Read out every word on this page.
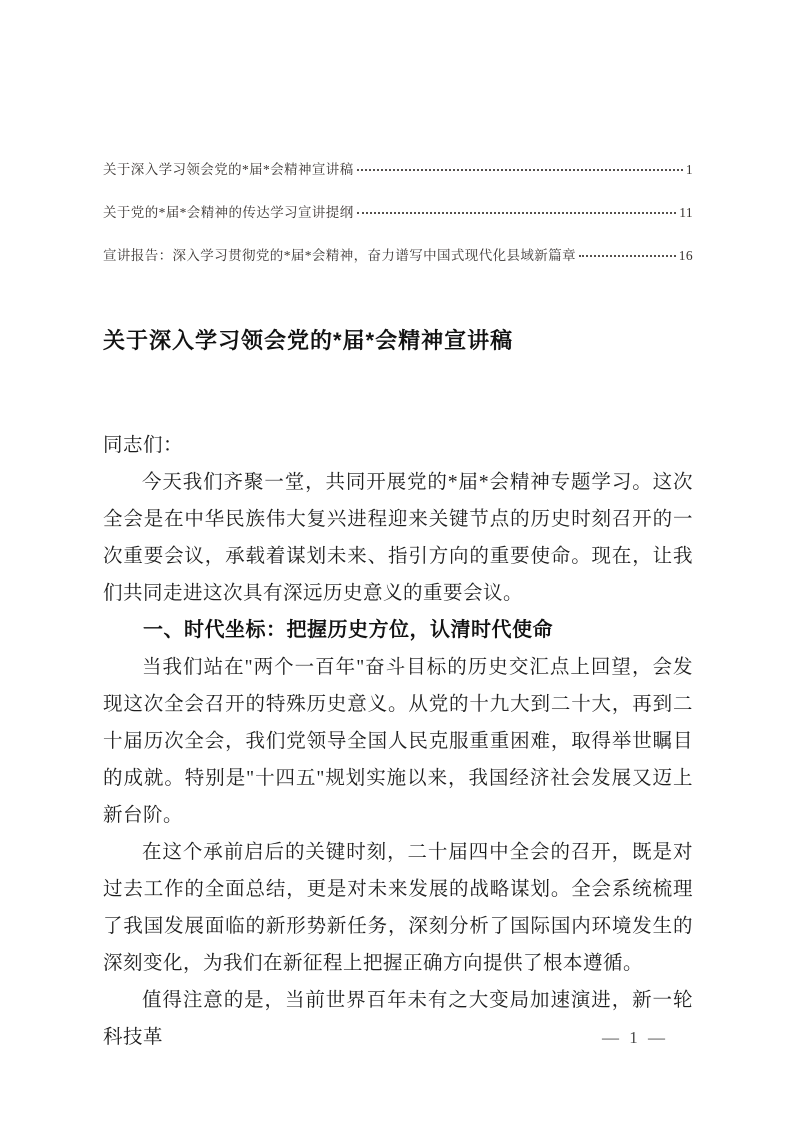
关于深入学习领会党的*届*会精神宣讲稿	1
关于党的*届*会精神的传达学习宣讲提纲	11
宣讲报告：深入学习贯彻党的*届*会精神，奋力谱写中国式现代化县域新篇章	16
关于深入学习领会党的*届*会精神宣讲稿

同志们：

今天我们齐聚一堂，共同开展党的*届*会精神专题学习。这次全会是在中华民族伟大复兴进程迎来关键节点的历史时刻召开的一次重要会议，承载着谋划未来、指引方向的重要使命。现在，让我们共同走进这次具有深远历史意义的重要会议。

一、时代坐标：把握历史方位，认清时代使命

当我们站在"两个一百年"奋斗目标的历史交汇点上回望，会发现这次全会召开的特殊历史意义。从党的十九大到二十大，再到二十届历次全会，我们党领导全国人民克服重重困难，取得举世瞩目的成就。特别是"十四五"规划实施以来，我国经济社会发展又迈上新台阶。

在这个承前启后的关键时刻，二十届四中全会的召开，既是对过去工作的全面总结，更是对未来发展的战略谋划。全会系统梳理了我国发展面临的新形势新任务，深刻分析了国际国内环境发生的深刻变化，为我们在新征程上把握正确方向提供了根本遵循。

值得注意的是，当前世界百年未有之大变局加速演进，新一轮科技革	— 1 —
